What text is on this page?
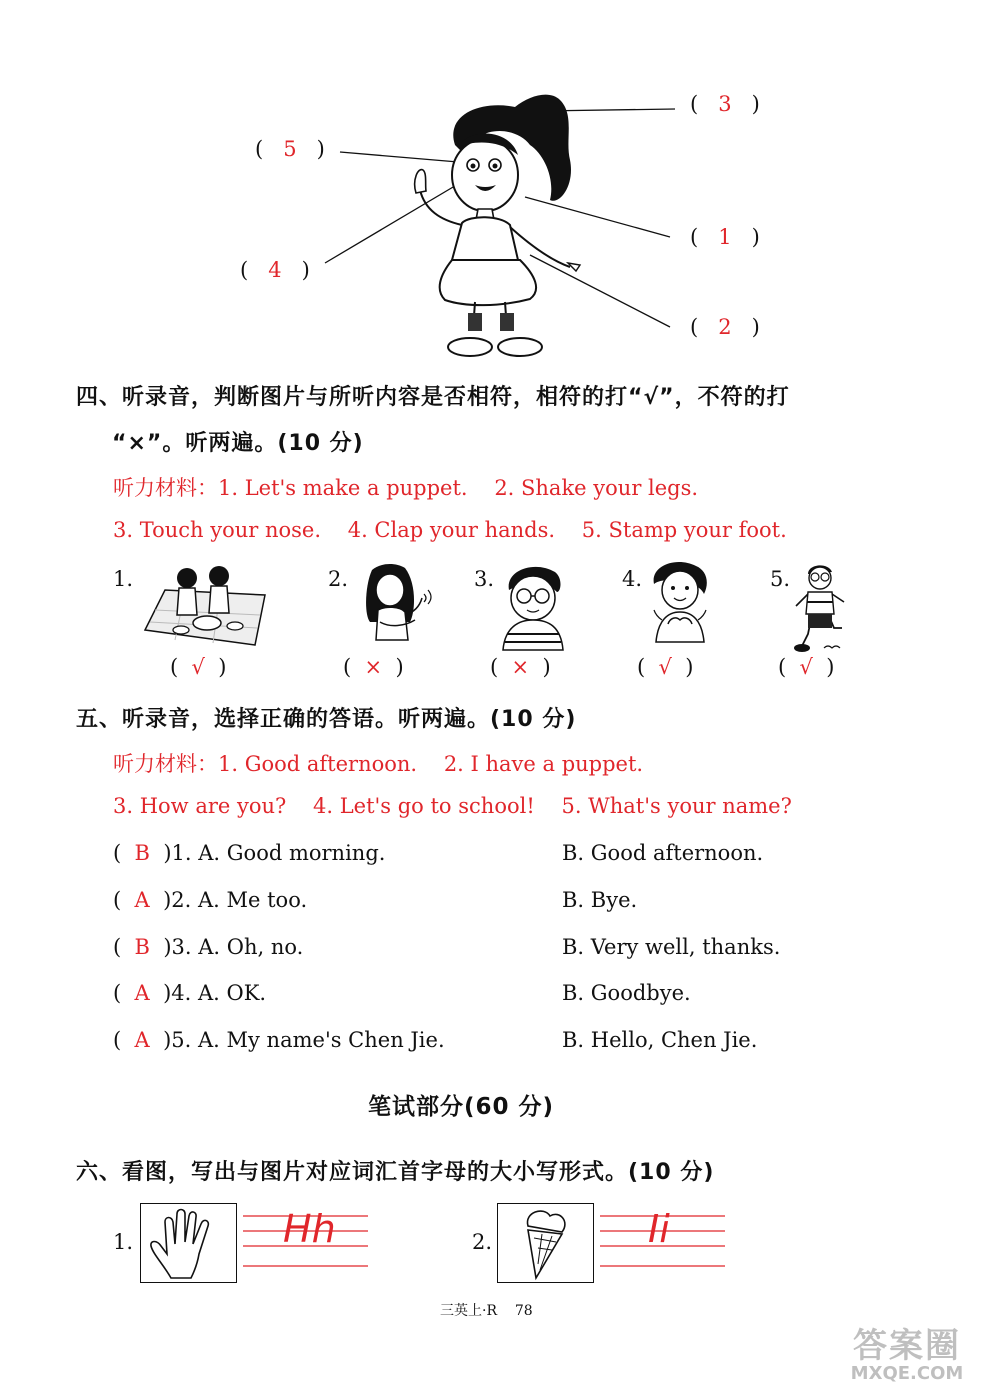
(   3   )
(   5   )
(   1   )
(   4   )
(   2   )
四、听录音，判断图片与所听内容是否相符，相符的打“√”，不符的打
“×”。听两遍。(10 分)
听力材料：1. Let's make a puppet. 2. Shake your legs.
3. Touch your nose. 4. Clap your hands. 5. Stamp your foot.
1.	2.	3.	4.	5.
(  √  )	(  ×  )	(  ×  )	(  √  )	(  √  )
五、听录音，选择正确的答语。听两遍。(10 分)
听力材料：1. Good afternoon. 2. I have a puppet.
3. How are you? 4. Let's go to school! 5. What's your name?
(  B )1. A. Good morning.	B. Good afternoon.
(  A )2. A. Me too.	B. Bye.
(  B )3. A. Oh, no.	B. Very well, thanks.
(  A )4. A. OK.	B. Goodbye.
(  A )5. A. My name's Chen Jie.	B. Hello, Chen Jie.
笔试部分(60 分)
六、看图，写出与图片对应词汇首字母的大小写形式。(10 分)
1.	Hh	2.	Ii
三英上·R 78
答案圈
MXQE.COM
